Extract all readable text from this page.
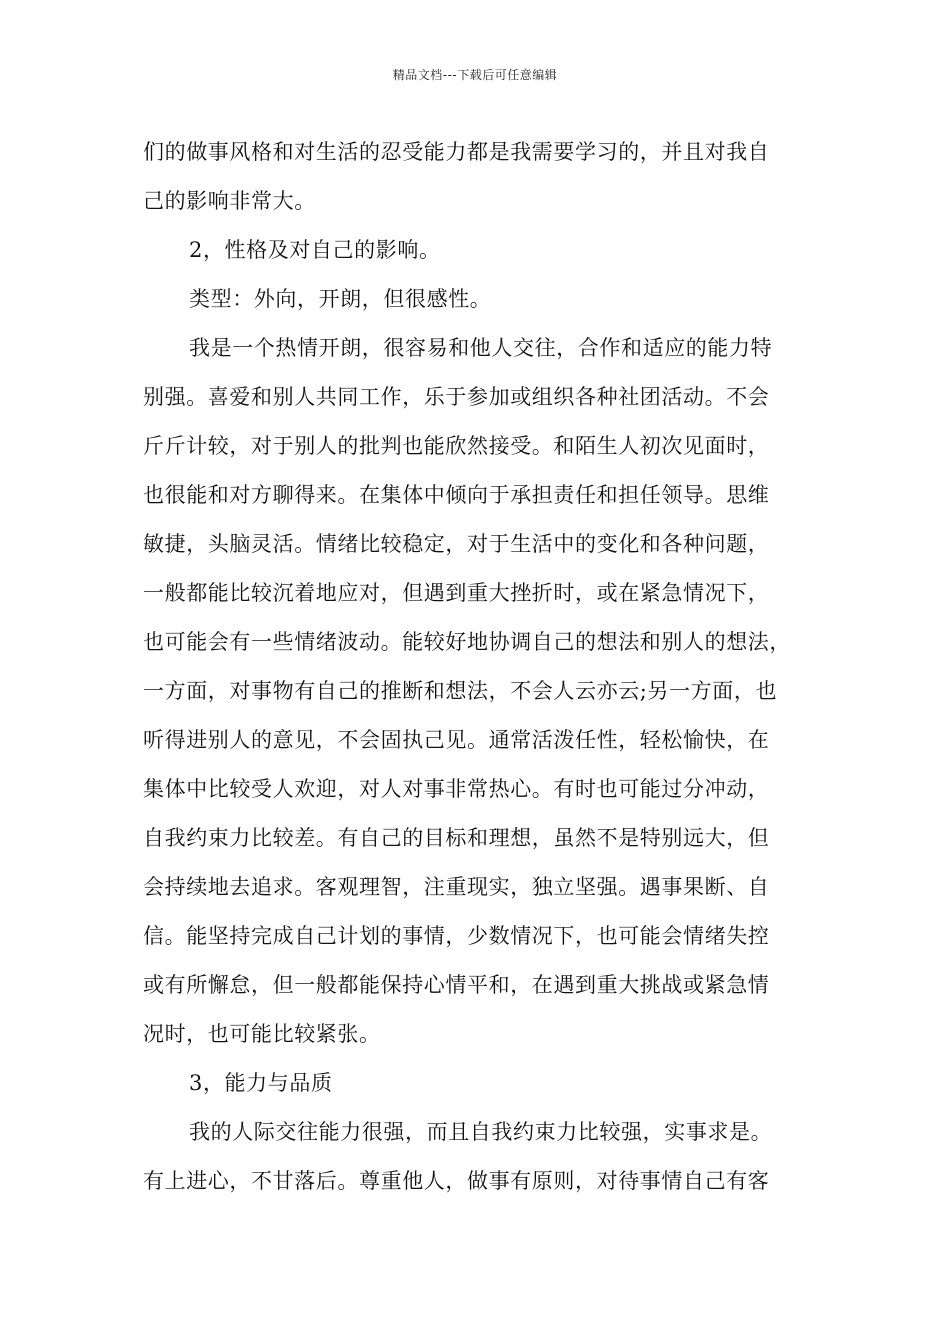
精品文档---下载后可任意编辑
们的做事风格和对生活的忍受能力都是我需要学习的，并且对我自
己的影响非常大。
2，性格及对自己的影响。
类型：外向，开朗，但很感性。
我是一个热情开朗，很容易和他人交往，合作和适应的能力特
别强。喜爱和别人共同工作，乐于参加或组织各种社团活动。不会
斤斤计较，对于别人的批判也能欣然接受。和陌生人初次见面时，
也很能和对方聊得来。在集体中倾向于承担责任和担任领导。思维
敏捷，头脑灵活。情绪比较稳定，对于生活中的变化和各种问题，
一般都能比较沉着地应对，但遇到重大挫折时，或在紧急情况下，
也可能会有一些情绪波动。能较好地协调自己的想法和别人的想法，
一方面，对事物有自己的推断和想法，不会人云亦云;另一方面，也
听得进别人的意见，不会固执己见。通常活泼任性，轻松愉快，在
集体中比较受人欢迎，对人对事非常热心。有时也可能过分冲动，
自我约束力比较差。有自己的目标和理想，虽然不是特别远大，但
会持续地去追求。客观理智，注重现实，独立坚强。遇事果断、自
信。能坚持完成自己计划的事情，少数情况下，也可能会情绪失控
或有所懈怠，但一般都能保持心情平和，在遇到重大挑战或紧急情
况时，也可能比较紧张。
3，能力与品质
我的人际交往能力很强，而且自我约束力比较强，实事求是。
有上进心，不甘落后。尊重他人，做事有原则，对待事情自己有客
